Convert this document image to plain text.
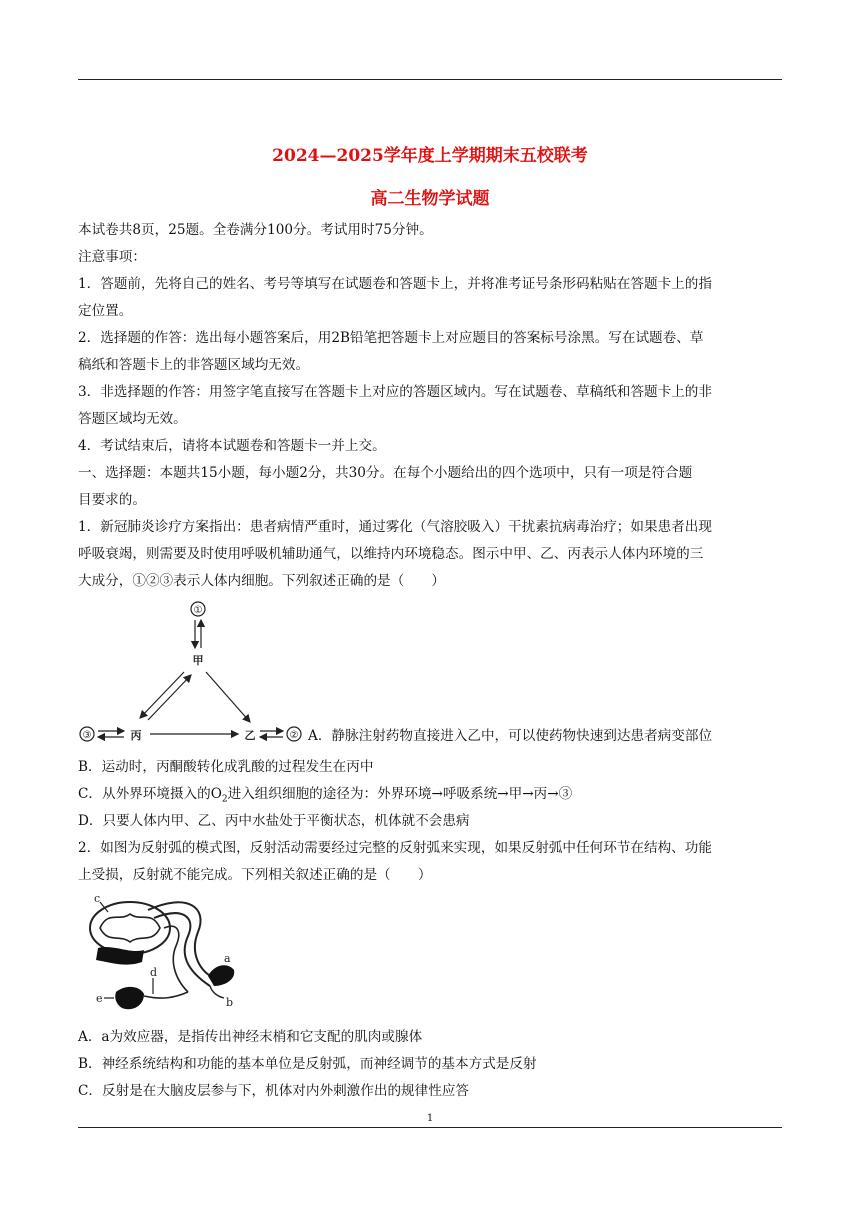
2024—2025学年度上学期期末五校联考
高二生物学试题
本试卷共8页，25题。全卷满分100分。考试用时75分钟。
注意事项：
1．答题前，先将自己的姓名、考号等填写在试题卷和答题卡上，并将准考证号条形码粘贴在答题卡上的指
定位置。
2．选择题的作答：选出每小题答案后，用2B铅笔把答题卡上对应题目的答案标号涂黑。写在试题卷、草
稿纸和答题卡上的非答题区域均无效。
3．非选择题的作答：用签字笔直接写在答题卡上对应的答题区域内。写在试题卷、草稿纸和答题卡上的非
答题区域均无效。
4．考试结束后，请将本试题卷和答题卡一并上交。
一、选择题：本题共15小题，每小题2分，共30分。在每个小题给出的四个选项中，只有一项是符合题
目要求的。
1．新冠肺炎诊疗方案指出：患者病情严重时，通过雾化（气溶胶吸入）干扰素抗病毒治疗；如果患者出现
呼吸衰竭，则需要及时使用呼吸机辅助通气，以维持内环境稳态。图示中甲、乙、丙表示人体内环境的三
大成分，①②③表示人体内细胞。下列叙述正确的是（　　）
①
甲
③	丙	乙	② A．静脉注射药物直接进入乙中，可以使药物快速到达患者病变部位
B．运动时，丙酮酸转化成乳酸的过程发生在丙中
C．从外界环境摄入的$O_2$进入组织细胞的途径为：外界环境→呼吸系统→甲→丙→③
D．只要人体内甲、乙、丙中水盐处于平衡状态，机体就不会患病
2．如图为反射弧的模式图，反射活动需要经过完整的反射弧来实现，如果反射弧中任何环节在结构、功能
上受损，反射就不能完成。下列相关叙述正确的是（　　）
c
a
d
e	b
A．a为效应器，是指传出神经末梢和它支配的肌肉或腺体
B．神经系统结构和功能的基本单位是反射弧，而神经调节的基本方式是反射
C．反射是在大脑皮层参与下，机体对内外刺激作出的规律性应答
1
